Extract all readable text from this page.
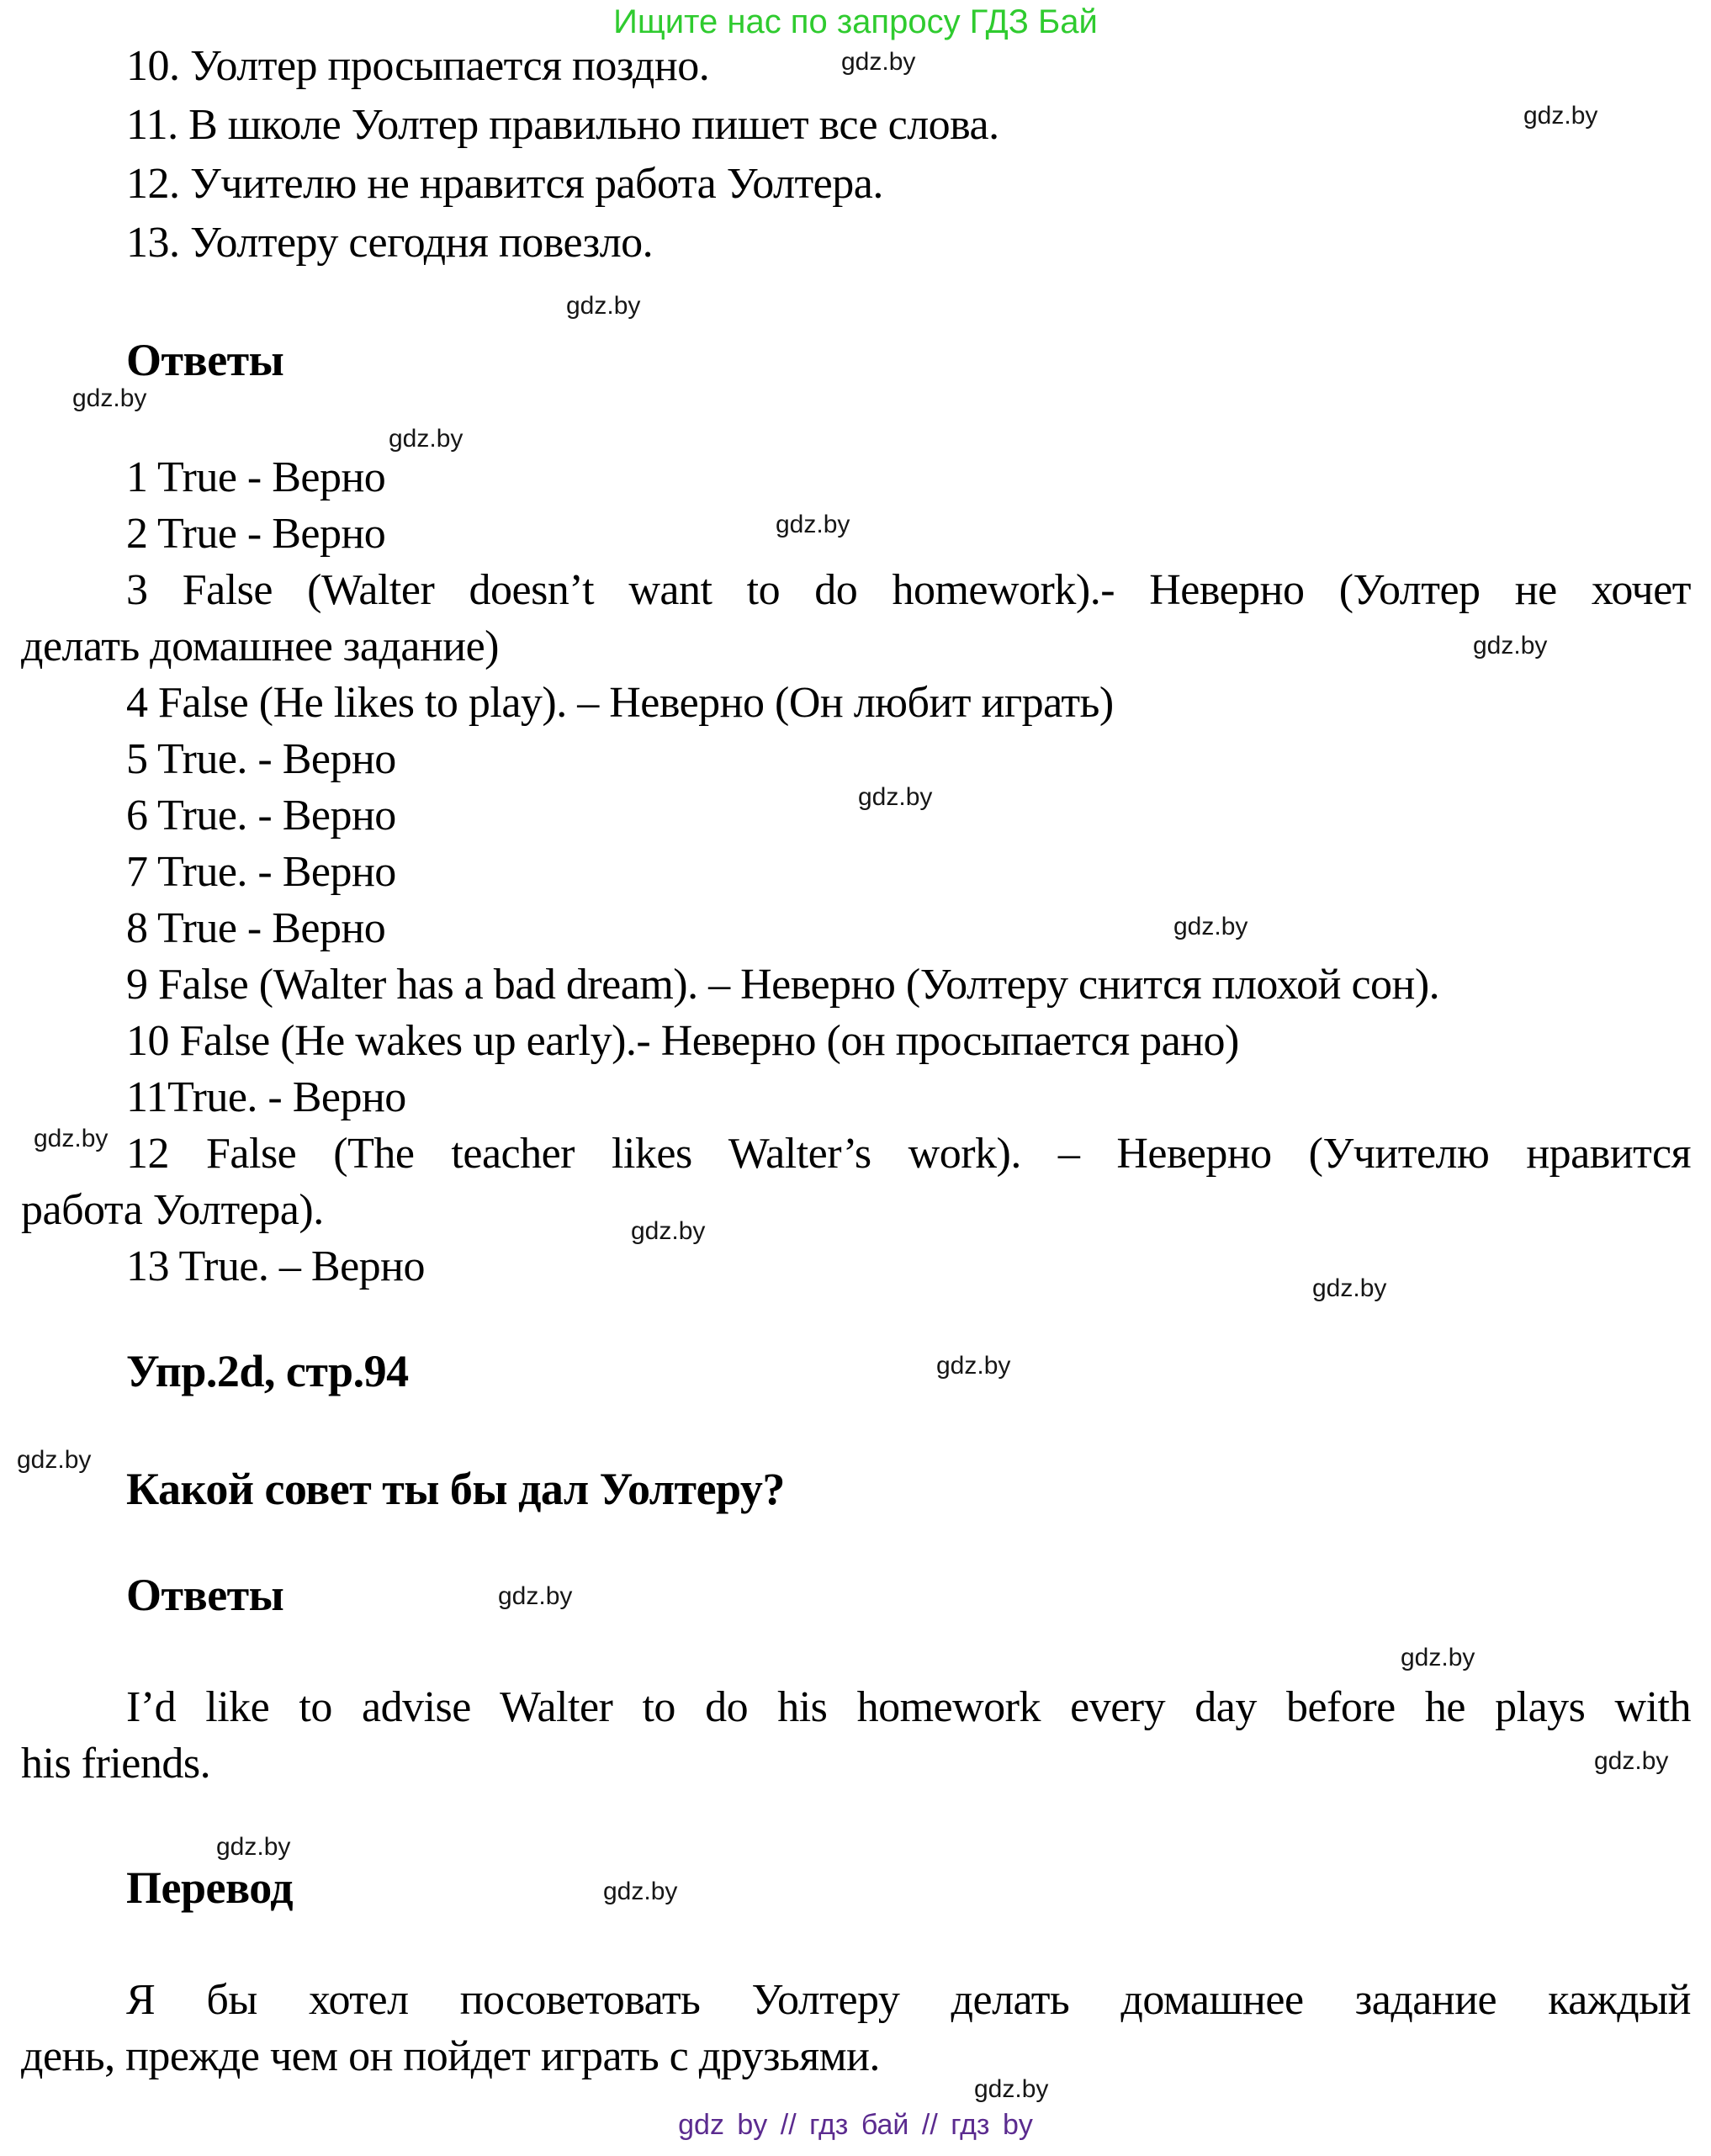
Ищите нас по запросу ГДЗ Бай
10. Уолтер просыпается поздно.
11. В школе Уолтер правильно пишет все слова.
12. Учителю не нравится работа Уолтера.
13. Уолтеру сегодня повезло.
Ответы
1 True - Верно
2 True - Верно
3 False (Walter doesn’t want to do homework).- Неверно (Уолтер не хочет
делать домашнее задание)
4 False (He likes to play). – Неверно (Он любит играть)
5 True. - Верно
6 True. - Верно
7 True. - Верно
8 True - Верно
9 False (Walter has a bad dream). – Неверно (Уолтеру снится плохой сон).
10 False (He wakes up early).- Неверно (он просыпается рано)
11True. - Верно
12 False (The teacher likes Walter’s work). – Неверно (Учителю нравится
работа Уолтера).
13 True. – Верно
Упр.2d, стр.94
Какой совет ты бы дал Уолтеру?
Ответы
I’d like to advise Walter to do his homework every day before he plays with
his friends.
Перевод
Я бы хотел посоветовать Уолтеру делать домашнее задание каждый
день, прежде чем он пойдет играть с друзьями.
gdz.by
gdz.by
gdz.by
gdz.by
gdz.by
gdz.by
gdz.by
gdz.by
gdz.by
gdz.by
gdz.by
gdz.by
gdz.by
gdz.by
gdz.by
gdz.by
gdz.by
gdz.by
gdz.by
gdz.by
gdz by // гдз бай // гдз by
